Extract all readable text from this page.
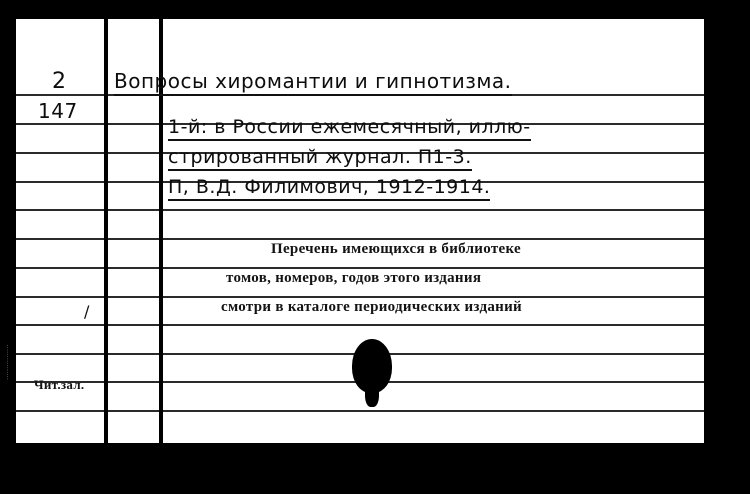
2 Вопросы хиромантии и гипнотизма.
147
1-й: в России ежемесячный, иллю-
стрированный журнал. П1-3.
П, В.Д. Филимович, 1912-1914.
Перечень имеющихся в библиотеке
томов, номеров, годов этого издания
смотри в каталоге периодических изданий
/
Чит.зал.
................
